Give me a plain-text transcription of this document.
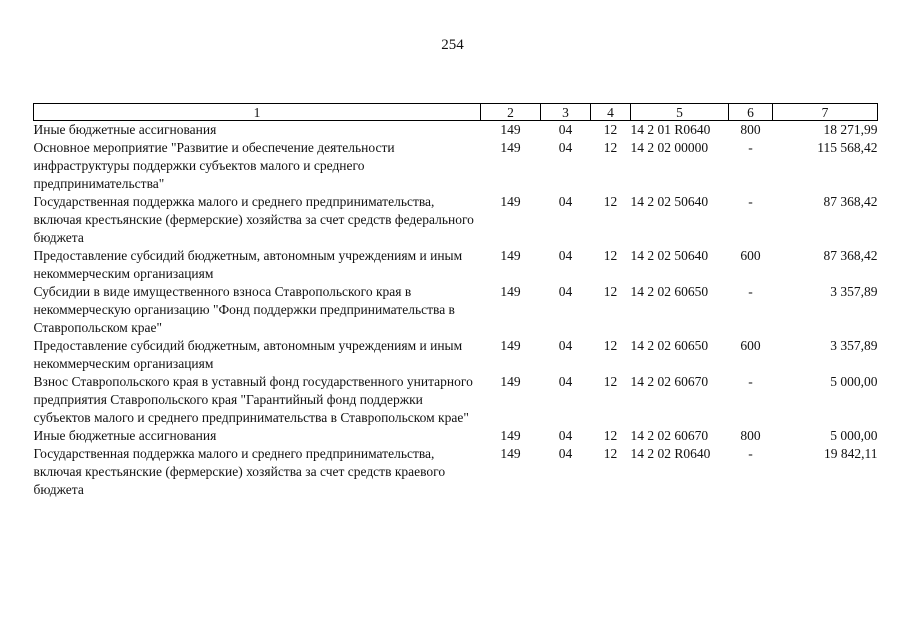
254
1	2	3	4	5	6	7
Иные бюджетные ассигнования	149	04	12	14 2 01 R0640	800	18 271,99
Основное мероприятие "Развитие и обеспечение деятельности инфраструктуры поддержки субъектов малого и среднего предпринимательства"	149	04	12	14 2 02 00000	-	115 568,42
Государственная поддержка малого и среднего предпринимательства, включая крестьянские (фермерские) хозяйства за счет средств федерального бюджета	149	04	12	14 2 02 50640	-	87 368,42
Предоставление субсидий бюджетным, автономным учреждениям и иным некоммерческим организациям	149	04	12	14 2 02 50640	600	87 368,42
Субсидии в виде имущественного взноса Ставропольского края в некоммерческую организацию "Фонд поддержки предпринимательства в Ставропольском крае"	149	04	12	14 2 02 60650	-	3 357,89
Предоставление субсидий бюджетным, автономным учреждениям и иным некоммерческим организациям	149	04	12	14 2 02 60650	600	3 357,89
Взнос Ставропольского края в уставный фонд государственного унитарного предприятия Ставропольского края "Гарантийный фонд поддержки субъектов малого и среднего предпринимательства в Ставропольском крае"	149	04	12	14 2 02 60670	-	5 000,00
Иные бюджетные ассигнования	149	04	12	14 2 02 60670	800	5 000,00
Государственная поддержка малого и среднего предпринимательства, включая крестьянские (фермерские) хозяйства за счет средств краевого бюджета	149	04	12	14 2 02 R0640	-	19 842,11
